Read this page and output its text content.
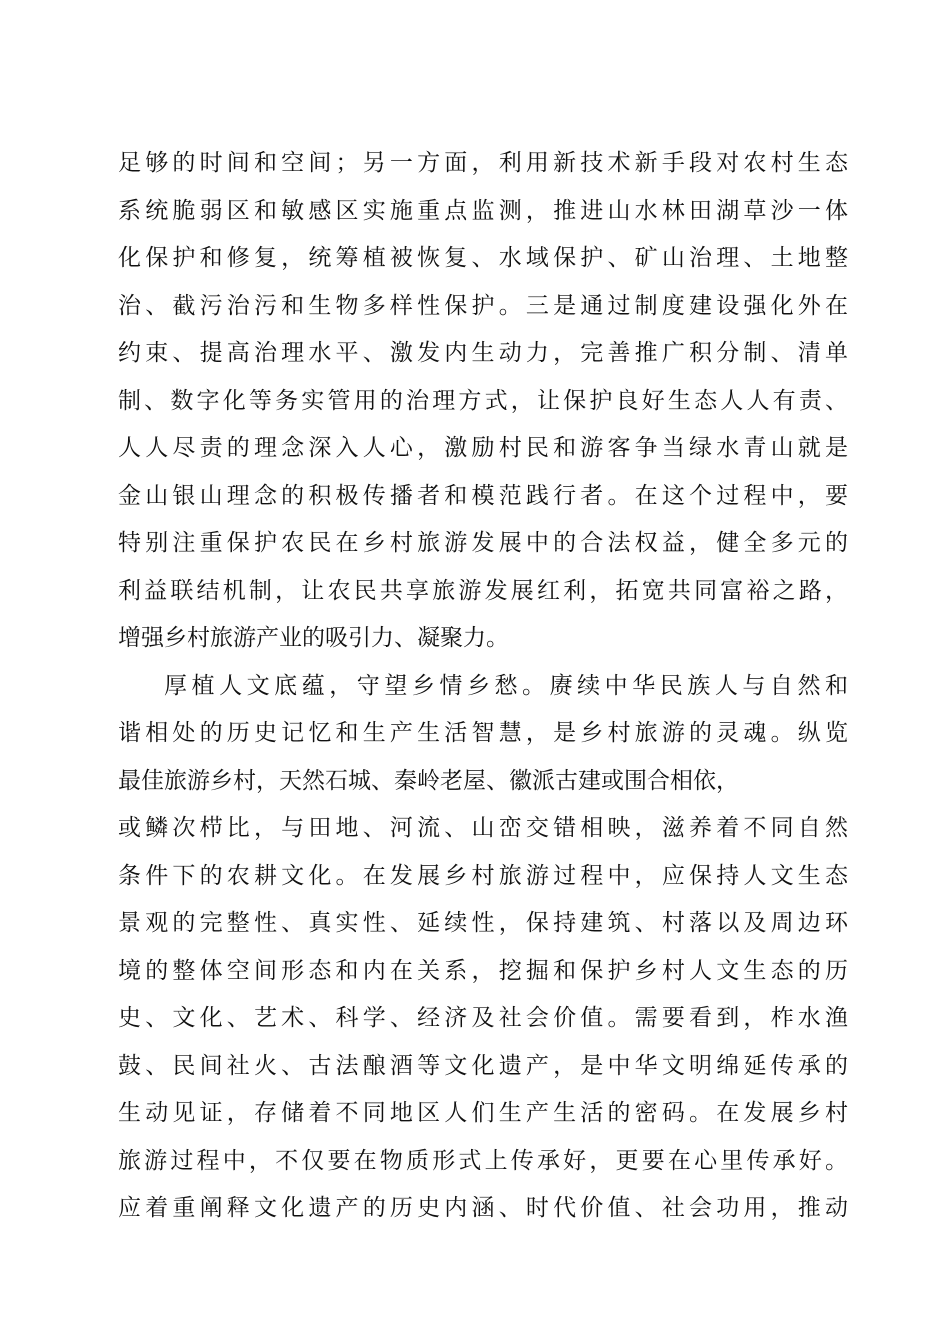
足够的时间和空间；另一方面，利用新技术新手段对农村生态
系统脆弱区和敏感区实施重点监测，推进山水林田湖草沙一体
化保护和修复，统筹植被恢复、水域保护、矿山治理、土地整
治、截污治污和生物多样性保护。三是通过制度建设强化外在
约束、提高治理水平、激发内生动力，完善推广积分制、清单
制、数字化等务实管用的治理方式，让保护良好生态人人有责、
人人尽责的理念深入人心，激励村民和游客争当绿水青山就是
金山银山理念的积极传播者和模范践行者。在这个过程中，要
特别注重保护农民在乡村旅游发展中的合法权益，健全多元的
利益联结机制，让农民共享旅游发展红利，拓宽共同富裕之路，
增强乡村旅游产业的吸引力、凝聚力。
厚植人文底蕴，守望乡情乡愁。赓续中华民族人与自然和
谐相处的历史记忆和生产生活智慧，是乡村旅游的灵魂。纵览
最佳旅游乡村，天然石城、秦岭老屋、徽派古建或围合相依，
或鳞次栉比，与田地、河流、山峦交错相映，滋养着不同自然
条件下的农耕文化。在发展乡村旅游过程中，应保持人文生态
景观的完整性、真实性、延续性，保持建筑、村落以及周边环
境的整体空间形态和内在关系，挖掘和保护乡村人文生态的历
史、文化、艺术、科学、经济及社会价值。需要看到，柞水渔
鼓、民间社火、古法酿酒等文化遗产，是中华文明绵延传承的
生动见证，存储着不同地区人们生产生活的密码。在发展乡村
旅游过程中，不仅要在物质形式上传承好，更要在心里传承好。
应着重阐释文化遗产的历史内涵、时代价值、社会功用，推动
